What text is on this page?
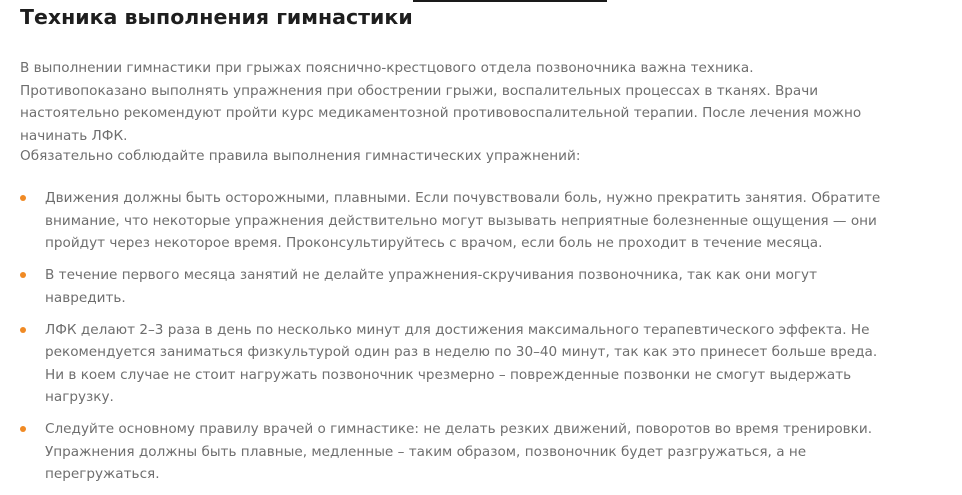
Техника выполнения гимнастики

В выполнении гимнастики при грыжах пояснично-крестцового отдела позвоночника важна техника. Противопоказано выполнять упражнения при обострении грыжи, воспалительных процессах в тканях. Врачи настоятельно рекомендуют пройти курс медикаментозной противовоспалительной терапии. После лечения можно начинать ЛФК.

Обязательно соблюдайте правила выполнения гимнастических упражнений:

Движения должны быть осторожными, плавными. Если почувствовали боль, нужно прекратить занятия. Обратите внимание, что некоторые упражнения действительно могут вызывать неприятные болезненные ощущения — они пройдут через некоторое время. Проконсультируйтесь с врачом, если боль не проходит в течение месяца.
В течение первого месяца занятий не делайте упражнения-скручивания позвоночника, так как они могут навредить.
ЛФК делают 2–3 раза в день по несколько минут для достижения максимального терапевтического эффекта. Не рекомендуется заниматься физкультурой один раз в неделю по 30–40 минут, так как это принесет больше вреда. Ни в коем случае не стоит нагружать позвоночник чрезмерно – поврежденные позвонки не смогут выдержать нагрузку.
Следуйте основному правилу врачей о гимнастике: не делать резких движений, поворотов во время тренировки. Упражнения должны быть плавные, медленные – таким образом, позвоночник будет разгружаться, а не перегружаться.
